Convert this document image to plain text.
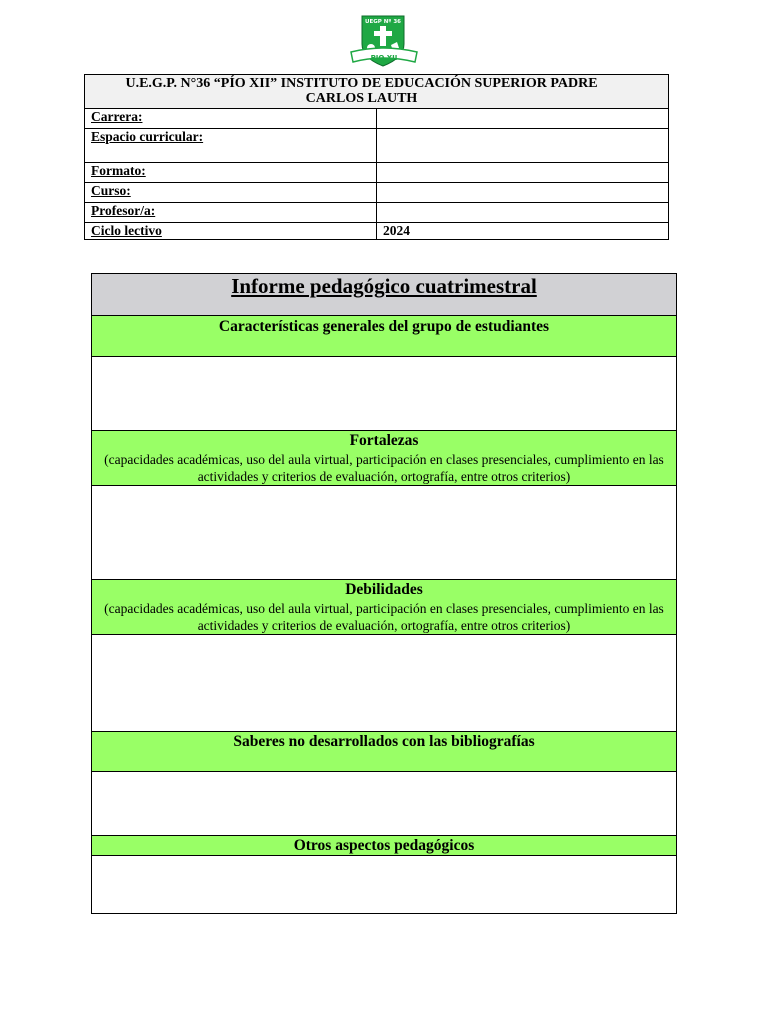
UEGP Nº 36
PIO XII
U.E.G.P. N°36 “PÍO XII” INSTITUTO DE EDUCACIÓN SUPERIOR PADRE CARLOS LAUTH	
Carrera:	
Espacio curricular:	
Formato:	
Curso:	
Profesor/a:	
Ciclo lectivo	2024
Informe pedagógico cuatrimestral

Características generales del grupo de estudiantes

Fortalezas
(capacidades académicas, uso del aula virtual, participación en clases presenciales, cumplimiento en las actividades y criterios de evaluación, ortografía, entre otros criterios)

Debilidades
(capacidades académicas, uso del aula virtual, participación en clases presenciales, cumplimiento en las actividades y criterios de evaluación, ortografía, entre otros criterios)

Saberes no desarrollados con las bibliografías

Otros aspectos pedagógicos
